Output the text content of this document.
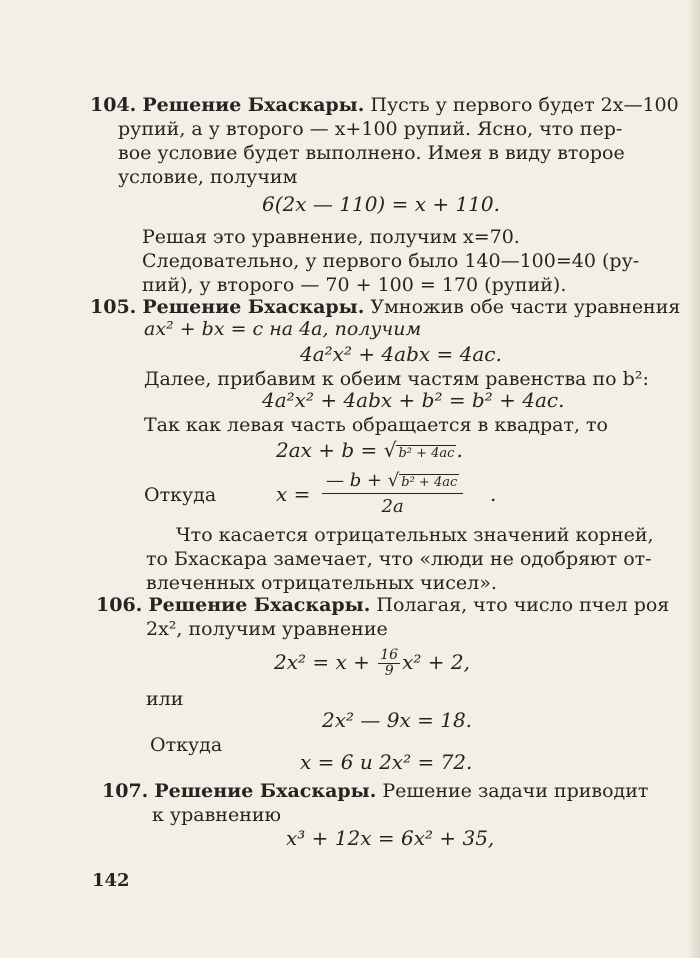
104. Решение Бхаскары. Пусть у первого будет 2x—100
рупий, а у второго — x+100 рупий. Ясно, что пер-
вое условие будет выполнено. Имея в виду второе
условие, получим
6(2x — 110) = x + 110.
Решая это уравнение, получим x=70.
Следовательно, у первого было 140—100=40 (ру-
пий), у второго — 70 + 100 = 170 (рупий).
105. Решение Бхаскары. Умножив обе части уравнения
ax² + bx = c на 4a, получим
4a²x² + 4abx = 4ac.
Далее, прибавим к обеим частям равенства по b²:
4a²x² + 4abx + b² = b² + 4ac.
Так как левая часть обращается в квадрат, то
2ax + b = √ b² + 4ac .
Откуда	$x = \frac{\text{— b + √ b² + 4ac}}{2a}$ .
Что касается отрицательных значений корней,
то Бхаскара замечает, что «люди не одобряют от-
влеченных отрицательных чисел».
106. Решение Бхаскары. Полагая, что число пчел роя
2x², получим уравнение
$2x^2 = x + \frac{16}{9} x^2 + 2$,
или
2x² — 9x = 18.
Откуда
x = 6 и 2x² = 72.
107. Решение Бхаскары. Решение задачи приводит
к уравнению
x³ + 12x = 6x² + 35,
142
